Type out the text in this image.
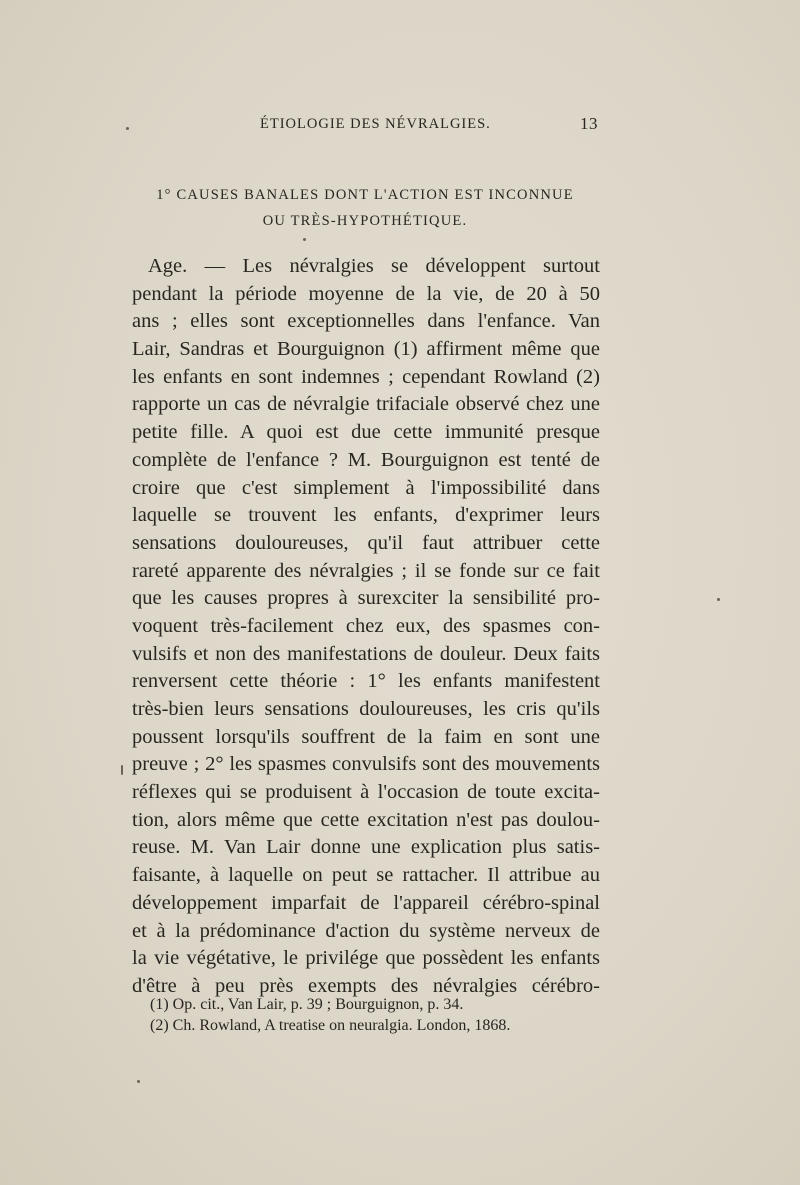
ÉTIOLOGIE DES NÉVRALGIES.	13
1° CAUSES BANALES DONT L'ACTION EST INCONNUE
OU TRÈS-HYPOTHÉTIQUE.
Age. — Les névralgies se développent surtout
pendant la période moyenne de la vie, de 20 à 50
ans ; elles sont exceptionnelles dans l'enfance. Van
Lair, Sandras et Bourguignon (1) affirment même que
les enfants en sont indemnes ; cependant Rowland (2)
rapporte un cas de névralgie trifaciale observé chez une
petite fille. A quoi est due cette immunité presque
complète de l'enfance ? M. Bourguignon est tenté de
croire que c'est simplement à l'impossibilité dans
laquelle se trouvent les enfants, d'exprimer leurs
sensations douloureuses, qu'il faut attribuer cette
rareté apparente des névralgies ; il se fonde sur ce fait
que les causes propres à surexciter la sensibilité pro-
voquent très-facilement chez eux, des spasmes con-
vulsifs et non des manifestations de douleur. Deux faits
renversent cette théorie : 1° les enfants manifestent
très-bien leurs sensations douloureuses, les cris qu'ils
poussent lorsqu'ils souffrent de la faim en sont une
preuve ; 2° les spasmes convulsifs sont des mouvements
réflexes qui se produisent à l'occasion de toute excita-
tion, alors même que cette excitation n'est pas doulou-
reuse. M. Van Lair donne une explication plus satis-
faisante, à laquelle on peut se rattacher. Il attribue au
développement imparfait de l'appareil cérébro-spinal
et à la prédominance d'action du système nerveux de
la vie végétative, le privilége que possèdent les enfants
d'être à peu près exempts des névralgies cérébro-
(1) Op. cit., Van Lair, p. 39 ; Bourguignon, p. 34.
(2) Ch. Rowland, A treatise on neuralgia. London, 1868.
